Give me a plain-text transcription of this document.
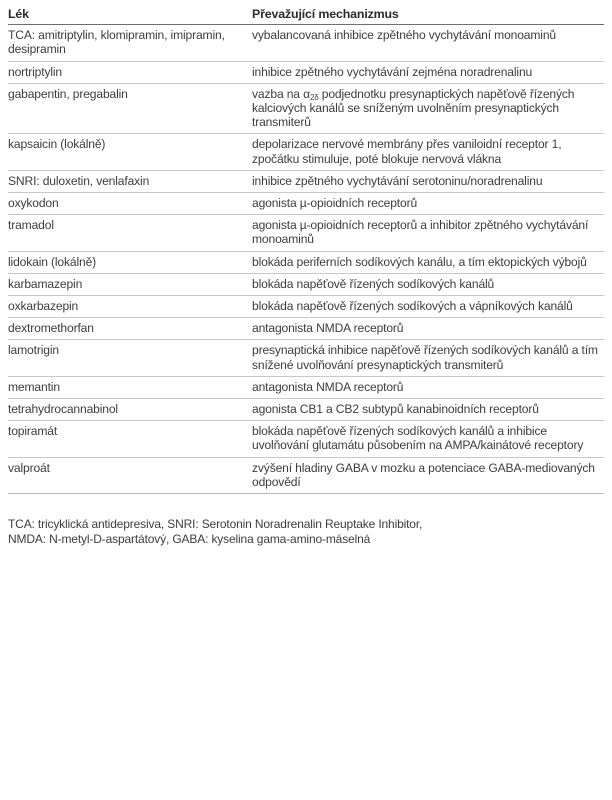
Lék	Převažující mechanizmus
TCA: amitriptylin, klomipramin, imipramin, desipramin	vybalancovaná inhibice zpětného vychytávání monoaminů
nortriptylin	inhibice zpětného vychytávání zejména noradrenalinu
gabapentin, pregabalin	vazba na $\alpha_{2\delta}$ podjednotku presynaptických napěťově řízených kalciových kanálů se sníženým uvolněním presynaptických transmiterů
kapsaicin (lokálně)	depolarizace nervové membrány přes vaniloidní receptor 1, zpočátku stimuluje, poté blokuje nervová vlákna
SNRI: duloxetin, venlafaxin	inhibice zpětného vychytávání serotoninu/noradrenalinu
oxykodon	agonista µ-opioidních receptorů
tramadol	agonista µ-opioidních receptorů a inhibitor zpětného vychytávání monoaminů
lidokain (lokálně)	blokáda periferních sodíkových kanálu, a tím ektopických výbojů
karbamazepin	blokáda napěťově řízených sodíkových kanálů
oxkarbazepin	blokáda napěťově řízených sodíkových a vápníkových kanálů
dextromethorfan	antagonista NMDA receptorů
lamotrigin	presynaptická inhibice napěťově řízených sodíkových kanálů a tím snížené uvolňování presynaptických transmiterů
memantin	antagonista NMDA receptorů
tetrahydrocannabinol	agonista CB1 a CB2 subtypů kanabinoidních receptorů
topiramát	blokáda napěťově řízených sodíkových kanálů a inhibice uvolňování glutamátu působením na AMPA/kainátové receptory
valproát	zvýšení hladiny GABA v mozku a potenciace GABA-mediovaných odpovědí
TCA: tricyklická antidepresiva, SNRI: Serotonin Noradrenalin Reuptake Inhibitor,
NMDA: N-metyl-D-aspartátový, GABA: kyselina gama-amino-máselná
